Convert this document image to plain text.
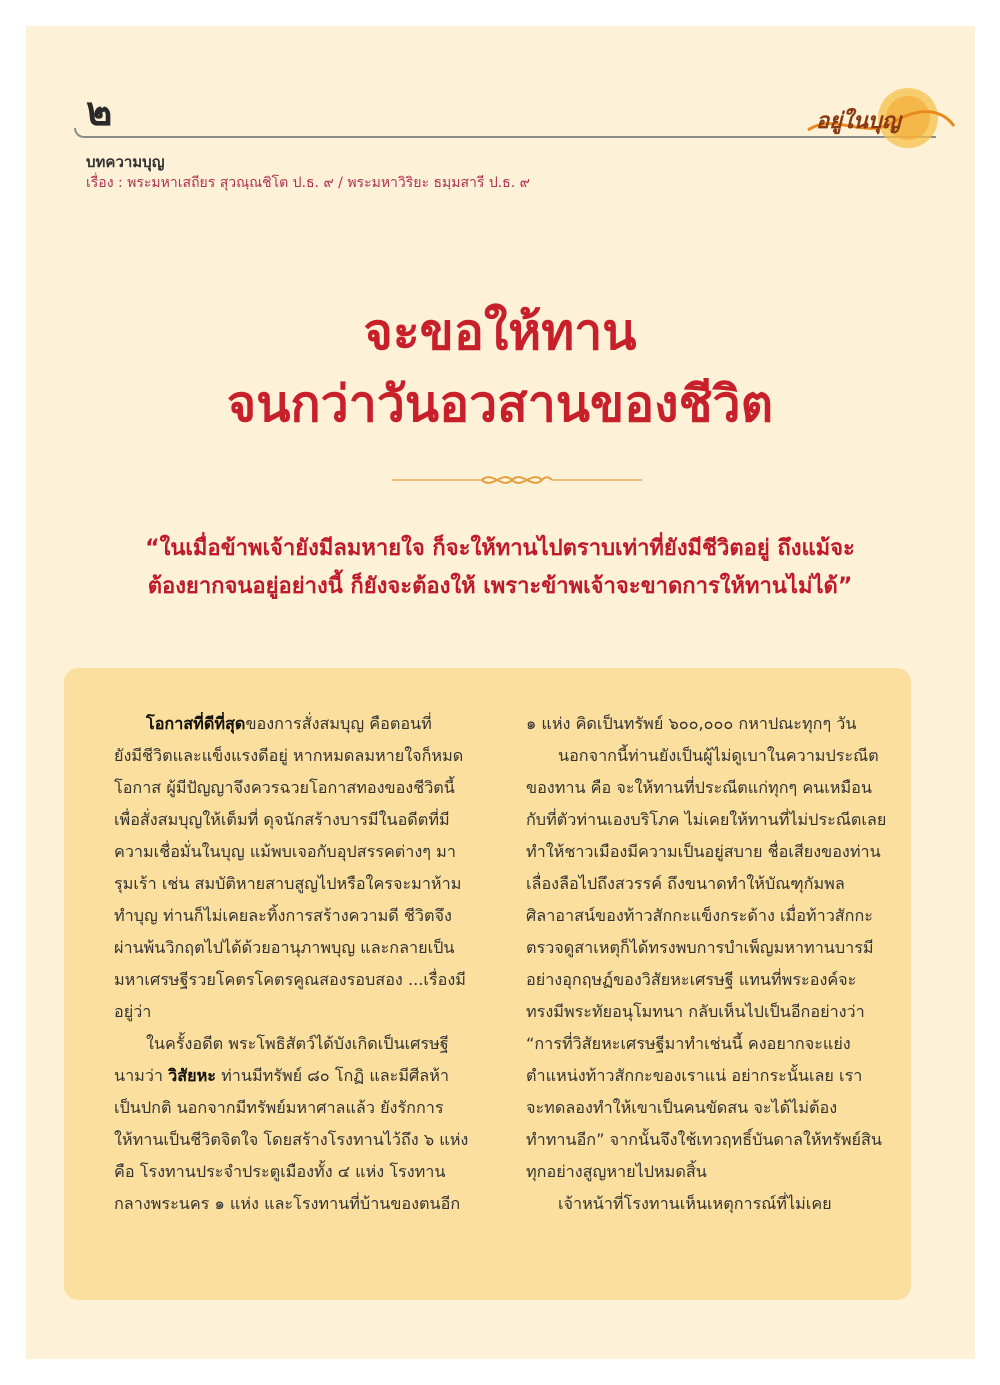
๒	อยู่ในบุญ
บทความบุญ
เรื่อง : พระมหาเสถียร สุวณฺณชิโต ป.ธ. ๙ / พระมหาวิริยะ ธมฺมสารี ป.ธ. ๙
จะขอให้ทาน
จนกว่าวันอวสานของชีวิต
“ในเมื่อข้าพเจ้ายังมีลมหายใจ ก็จะให้ทานไปตราบเท่าที่ยังมีชีวิตอยู่ ถึงแม้จะ
ต้องยากจนอยู่อย่างนี้ ก็ยังจะต้องให้ เพราะข้าพเจ้าจะขาดการให้ทานไม่ได้”

โอกาสที่ดีที่สุดของการสั่งสมบุญ คือตอนที่
ยังมีชีวิตและแข็งแรงดีอยู่ หากหมดลมหายใจก็หมด
โอกาส ผู้มีปัญญาจึงควรฉวยโอกาสทองของชีวิตนี้
เพื่อสั่งสมบุญให้เต็มที่ ดุจนักสร้างบารมีในอดีตที่มี
ความเชื่อมั่นในบุญ แม้พบเจอกับอุปสรรคต่างๆ มา
รุมเร้า เช่น สมบัติหายสาบสูญไปหรือใครจะมาห้าม
ทำบุญ ท่านก็ไม่เคยละทิ้งการสร้างความดี ชีวิตจึง
ผ่านพ้นวิกฤตไปได้ด้วยอานุภาพบุญ และกลายเป็น
มหาเศรษฐีรวยโคตรโคตรคูณสองรอบสอง ...เรื่องมี
อยู่ว่า

ในครั้งอดีต พระโพธิสัตว์ได้บังเกิดเป็นเศรษฐี
นามว่า วิสัยหะ ท่านมีทรัพย์ ๘๐ โกฏิ และมีศีลห้า
เป็นปกติ นอกจากมีทรัพย์มหาศาลแล้ว ยังรักการ
ให้ทานเป็นชีวิตจิตใจ โดยสร้างโรงทานไว้ถึง ๖ แห่ง
คือ โรงทานประจำประตูเมืองทั้ง ๔ แห่ง โรงทาน
กลางพระนคร ๑ แห่ง และโรงทานที่บ้านของตนอีก

๑ แห่ง คิดเป็นทรัพย์ ๖๐๐,๐๐๐ กหาปณะทุกๆ วัน
นอกจากนี้ท่านยังเป็นผู้ไม่ดูเบาในความประณีต
ของทาน คือ จะให้ทานที่ประณีตแก่ทุกๆ คนเหมือน
กับที่ตัวท่านเองบริโภค ไม่เคยให้ทานที่ไม่ประณีตเลย
ทำให้ชาวเมืองมีความเป็นอยู่สบาย ชื่อเสียงของท่าน
เลื่องลือไปถึงสวรรค์ ถึงขนาดทำให้บัณฑุกัมพล
ศิลาอาสน์ของท้าวสักกะแข็งกระด้าง เมื่อท้าวสักกะ
ตรวจดูสาเหตุก็ได้ทรงพบการบำเพ็ญมหาทานบารมี
อย่างอุกฤษฏ์ของวิสัยหะเศรษฐี แทนที่พระองค์จะ
ทรงมีพระทัยอนุโมทนา กลับเห็นไปเป็นอีกอย่างว่า
“การที่วิสัยหะเศรษฐีมาทำเช่นนี้ คงอยากจะแย่ง
ตำแหน่งท้าวสักกะของเราแน่ อย่ากระนั้นเลย เรา
จะทดลองทำให้เขาเป็นคนขัดสน จะได้ไม่ต้อง
ทำทานอีก” จากนั้นจึงใช้เทวฤทธิ์บันดาลให้ทรัพย์สิน
ทุกอย่างสูญหายไปหมดสิ้น
เจ้าหน้าที่โรงทานเห็นเหตุการณ์ที่ไม่เคย
